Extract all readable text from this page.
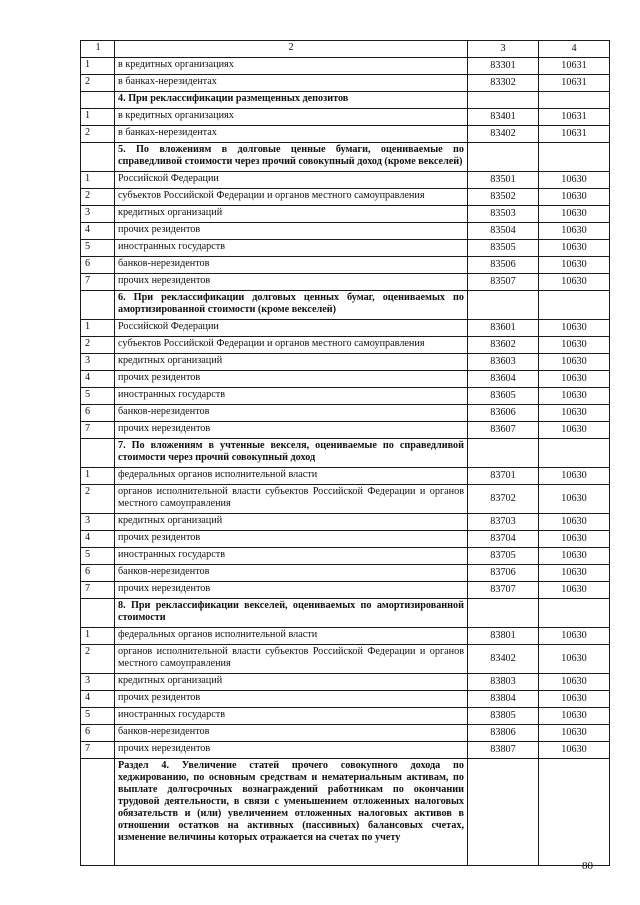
1	2	3	4
1	в кредитных организациях	83301	10631
2	в банках-нерезидентах	83302	10631
	4. При реклассификации размещенных депозитов		
1	в кредитных организациях	83401	10631
2	в банках-нерезидентах	83402	10631
	5. По вложениям в долговые ценные бумаги, оцениваемые по справедливой стоимости через прочий совокупный доход (кроме векселей)		
1	Российской Федерации	83501	10630
2	субъектов Российской Федерации и органов местного самоуправления	83502	10630
3	кредитных организаций	83503	10630
4	прочих резидентов	83504	10630
5	иностранных государств	83505	10630
6	банков-нерезидентов	83506	10630
7	прочих нерезидентов	83507	10630
	6. При реклассификации долговых ценных бумаг, оцениваемых по амортизированной стоимости (кроме векселей)		
1	Российской Федерации	83601	10630
2	субъектов Российской Федерации и органов местного самоуправления	83602	10630
3	кредитных организаций	83603	10630
4	прочих резидентов	83604	10630
5	иностранных государств	83605	10630
6	банков-нерезидентов	83606	10630
7	прочих нерезидентов	83607	10630
	7. По вложениям в учтенные векселя, оцениваемые по справедливой стоимости через прочий совокупный доход		
1	федеральных органов исполнительной власти	83701	10630
2	органов исполнительной власти субъектов Российской Федерации и органов местного самоуправления	83702	10630
3	кредитных организаций	83703	10630
4	прочих резидентов	83704	10630
5	иностранных государств	83705	10630
6	банков-нерезидентов	83706	10630
7	прочих нерезидентов	83707	10630
	8. При реклассификации векселей, оцениваемых по амортизированной стоимости		
1	федеральных органов исполнительной власти	83801	10630
2	органов исполнительной власти субъектов Российской Федерации и органов местного самоуправления	83402	10630
3	кредитных организаций	83803	10630
4	прочих резидентов	83804	10630
5	иностранных государств	83805	10630
6	банков-нерезидентов	83806	10630
7	прочих нерезидентов	83807	10630
	Раздел 4. Увеличение статей прочего совокупного дохода по хеджированию, по основным средствам и нематериальным активам, по выплате долгосрочных вознаграждений работникам по окончании трудовой деятельности, в связи с уменьшением отложенных налоговых обязательств и (или) увеличением отложенных налоговых активов в отношении остатков на активных (пассивных) балансовых счетах, изменение величины которых отражается на счетах по учету		
80
